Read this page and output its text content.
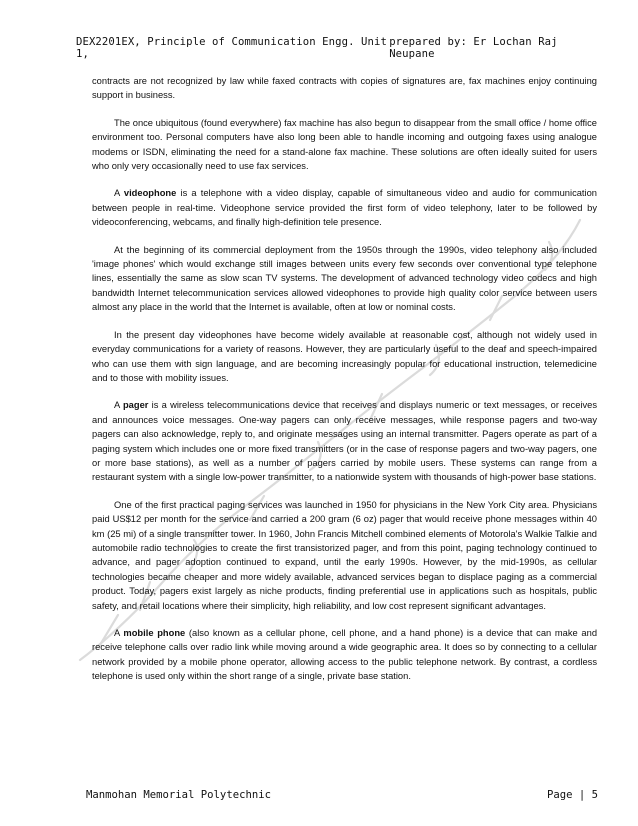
DEX2201EX, Principle of Communication Engg. Unit 1,
prepared by: Er Lochan Raj Neupane

contracts are not recognized by law while faxed contracts with copies of signatures are, fax machines enjoy continuing support in business.

The once ubiquitous (found everywhere) fax machine has also begun to disappear from the small office / home office environment too. Personal computers have also long been able to handle incoming and outgoing faxes using analogue modems or ISDN, eliminating the need for a stand-alone fax machine. These solutions are often ideally suited for users who only very occasionally need to use fax services.

A videophone is a telephone with a video display, capable of simultaneous video and audio for communication between people in real-time. Videophone service provided the first form of video telephony, later to be followed by videoconferencing, webcams, and finally high-definition tele presence.

At the beginning of its commercial deployment from the 1950s through the 1990s, video telephony also included 'image phones' which would exchange still images between units every few seconds over conventional type telephone lines, essentially the same as slow scan TV systems. The development of advanced technology video codecs and high bandwidth Internet telecommunication services allowed videophones to provide high quality color service between users almost any place in the world that the Internet is available, often at low or nominal costs.

In the present day videophones have become widely available at reasonable cost, although not widely used in everyday communications for a variety of reasons. However, they are particularly useful to the deaf and speech-impaired who can use them with sign language, and are becoming increasingly popular for educational instruction, telemedicine and to those with mobility issues.

A pager is a wireless telecommunications device that receives and displays numeric or text messages, or receives and announces voice messages. One-way pagers can only receive messages, while response pagers and two-way pagers can also acknowledge, reply to, and originate messages using an internal transmitter. Pagers operate as part of a paging system which includes one or more fixed transmitters (or in the case of response pagers and two-way pagers, one or more base stations), as well as a number of pagers carried by mobile users. These systems can range from a restaurant system with a single low-power transmitter, to a nationwide system with thousands of high-power base stations.

One of the first practical paging services was launched in 1950 for physicians in the New York City area. Physicians paid US$12 per month for the service and carried a 200 gram (6 oz) pager that would receive phone messages within 40 km (25 mi) of a single transmitter tower. In 1960, John Francis Mitchell combined elements of Motorola's Walkie Talkie and automobile radio technologies to create the first transistorized pager, and from this point, paging technology continued to advance, and pager adoption continued to expand, until the early 1990s. However, by the mid-1990s, as cellular technologies became cheaper and more widely available, advanced services began to displace paging as a commercial product. Today, pagers exist largely as niche products, finding preferential use in applications such as hospitals, public safety, and retail locations where their simplicity, high reliability, and low cost represent significant advantages.

A mobile phone (also known as a cellular phone, cell phone, and a hand phone) is a device that can make and receive telephone calls over radio link while moving around a wide geographic area. It does so by connecting to a cellular network provided by a mobile phone operator, allowing access to the public telephone network. By contrast, a cordless telephone is used only within the short range of a single, private base station.

Manmohan Memorial Polytechnic	Page | 5
